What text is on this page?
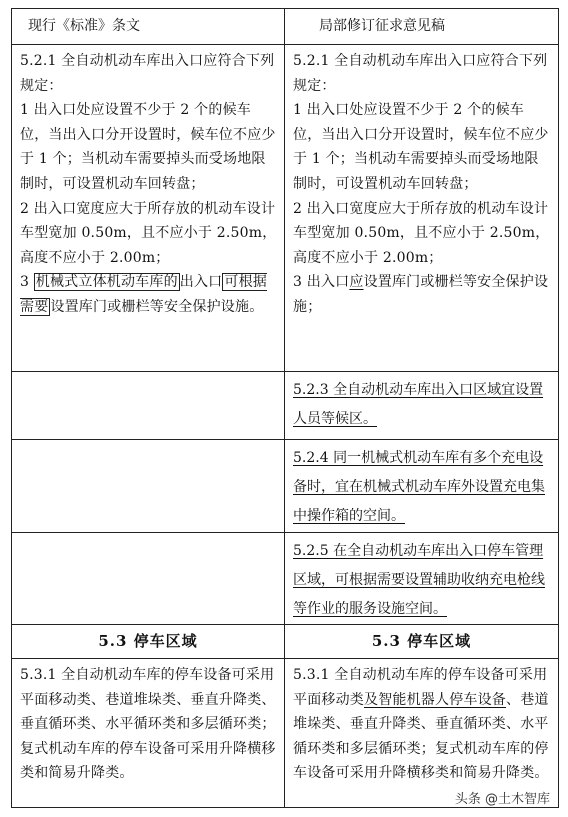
现行《标准》条文	局部修订征求意见稿

5.2.1 全自动机动车库出入口应符合下列规定：

1 出入口处应设置不少于 2 个的候车位，当出入口分开设置时，候车位不应少于 1 个；当机动车需要掉头而受场地限制时，可设置机动车回转盘；

2 出入口宽度应大于所存放的机动车设计车型宽加 0.50m，且不应小于 2.50m，高度不应小于 2.00m；

3 机械式立体机动车库的 出入口 可根据需要 设置库门或栅栏等安全保护设施。

5.2.1 全自动机动车库出入口应符合下列规定：

1 出入口处应设置不少于 2 个的候车位，当出入口分开设置时，候车位不应少于 1 个；当机动车需要掉头而受场地限制时，可设置机动车回转盘；

2 出入口宽度应大于所存放的机动车设计车型宽加 0.50m，且不应小于 2.50m，高度不应小于 2.00m；

3 出入口应设置库门或栅栏等安全保护设施；

5.2.3 全自动机动车库出入口区域宜设置人员等候区。
5.2.4 同一机械式机动车库有多个充电设备时，宜在机械式机动车库外设置充电集中操作箱的空间。
5.2.5 在全自动机动车库出入口停车管理区域，可根据需要设置辅助收纳充电枪线等作业的服务设施空间。
5.3 停车区域	5.3 停车区域

5.3.1 全自动机动车库的停车设备可采用平面移动类、巷道堆垛类、垂直升降类、垂直循环类、水平循环类和多层循环类；复式机动车库的停车设备可采用升降横移类和简易升降类。

5.3.1 全自动机动车库的停车设备可采用平面移动类及智能机器人停车设备、巷道堆垛类、垂直升降类、垂直循环类、水平循环类和多层循环类；复式机动车库的停车设备可采用升降横移类和简易升降类。

头条 @土木智库
